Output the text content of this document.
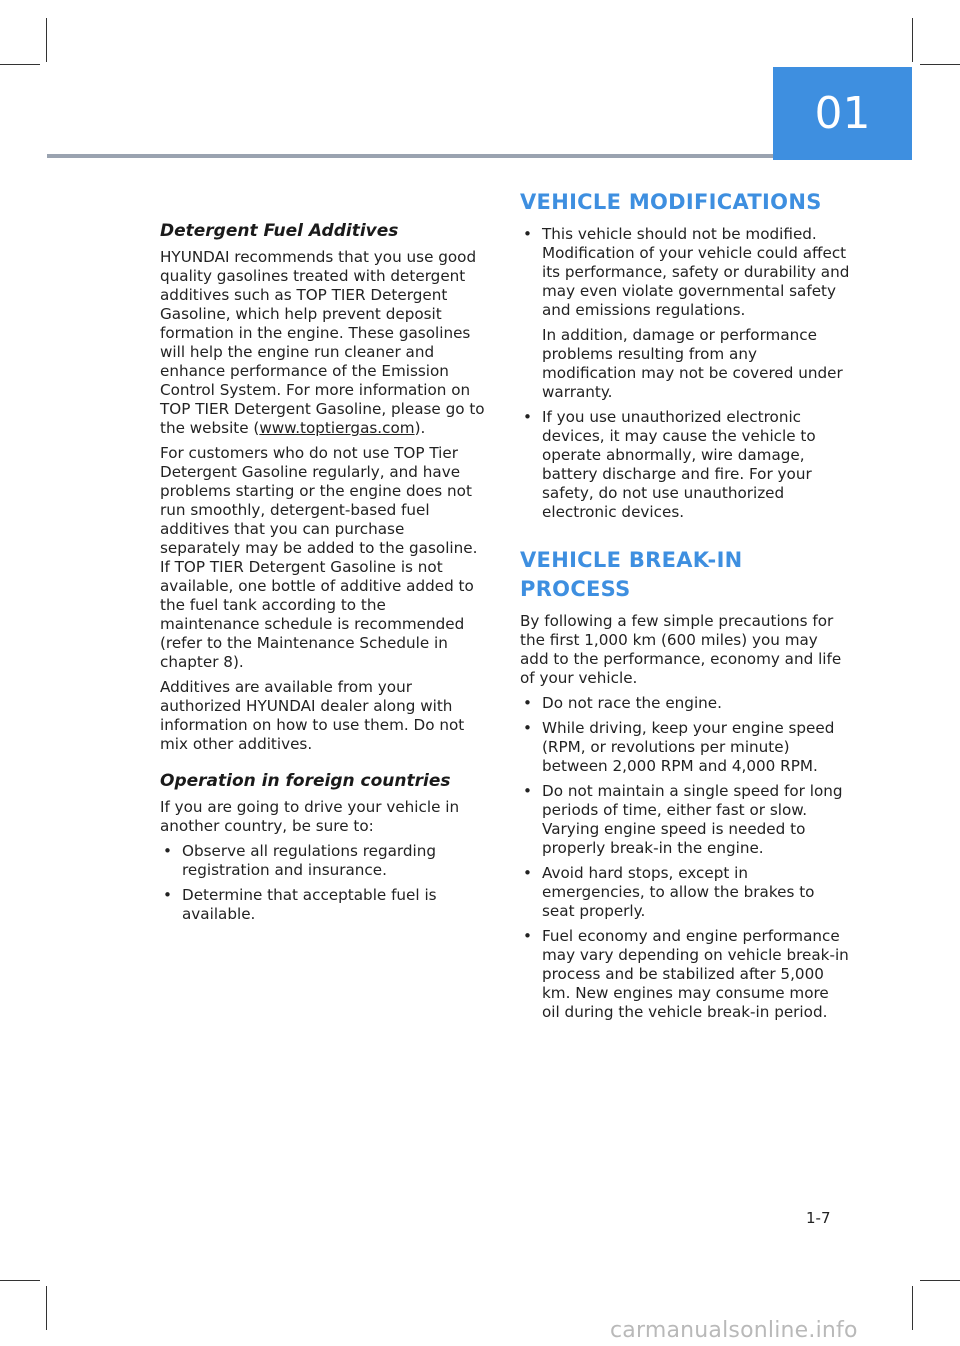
01
Detergent Fuel Additives

HYUNDAI recommends that you use good quality gasolines treated with detergent additives such as TOP TIER Detergent Gasoline, which help prevent deposit formation in the engine. These gasolines will help the engine run cleaner and enhance performance of the Emission Control System. For more information on TOP TIER Detergent Gasoline, please go to the website (www.toptiergas.com).

For customers who do not use TOP Tier Detergent Gasoline regularly, and have problems starting or the engine does not run smoothly, detergent-based fuel additives that you can purchase separately may be added to the gasoline. If TOP TIER Detergent Gasoline is not available, one bottle of additive added to the fuel tank according to the maintenance schedule is recommended (refer to the Maintenance Schedule in chapter 8).

Additives are available from your authorized HYUNDAI dealer along with information on how to use them. Do not mix other additives.

Operation in foreign countries

If you are going to drive your vehicle in another country, be sure to:

• Observe all regulations regarding registration and insurance.
• Determine that acceptable fuel is available.
VEHICLE MODIFICATIONS
• This vehicle should not be modified. Modification of your vehicle could affect its performance, safety or durability and may even violate governmental safety and emissions regulations.

In addition, damage or performance problems resulting from any modification may not be covered under warranty.

• If you use unauthorized electronic devices, it may cause the vehicle to operate abnormally, wire damage, battery discharge and fire. For your safety, do not use unauthorized electronic devices.
VEHICLE BREAK-IN PROCESS

By following a few simple precautions for the first 1,000 km (600 miles) you may add to the performance, economy and life of your vehicle.

• Do not race the engine.
• While driving, keep your engine speed (RPM, or revolutions per minute) between 2,000 RPM and 4,000 RPM.
• Do not maintain a single speed for long periods of time, either fast or slow. Varying engine speed is needed to properly break-in the engine.
• Avoid hard stops, except in emergencies, to allow the brakes to seat properly.
• Fuel economy and engine performance may vary depending on vehicle break-in process and be stabilized after 5,000 km. New engines may consume more oil during the vehicle break-in period.
1-7
carmanualsonline.info
